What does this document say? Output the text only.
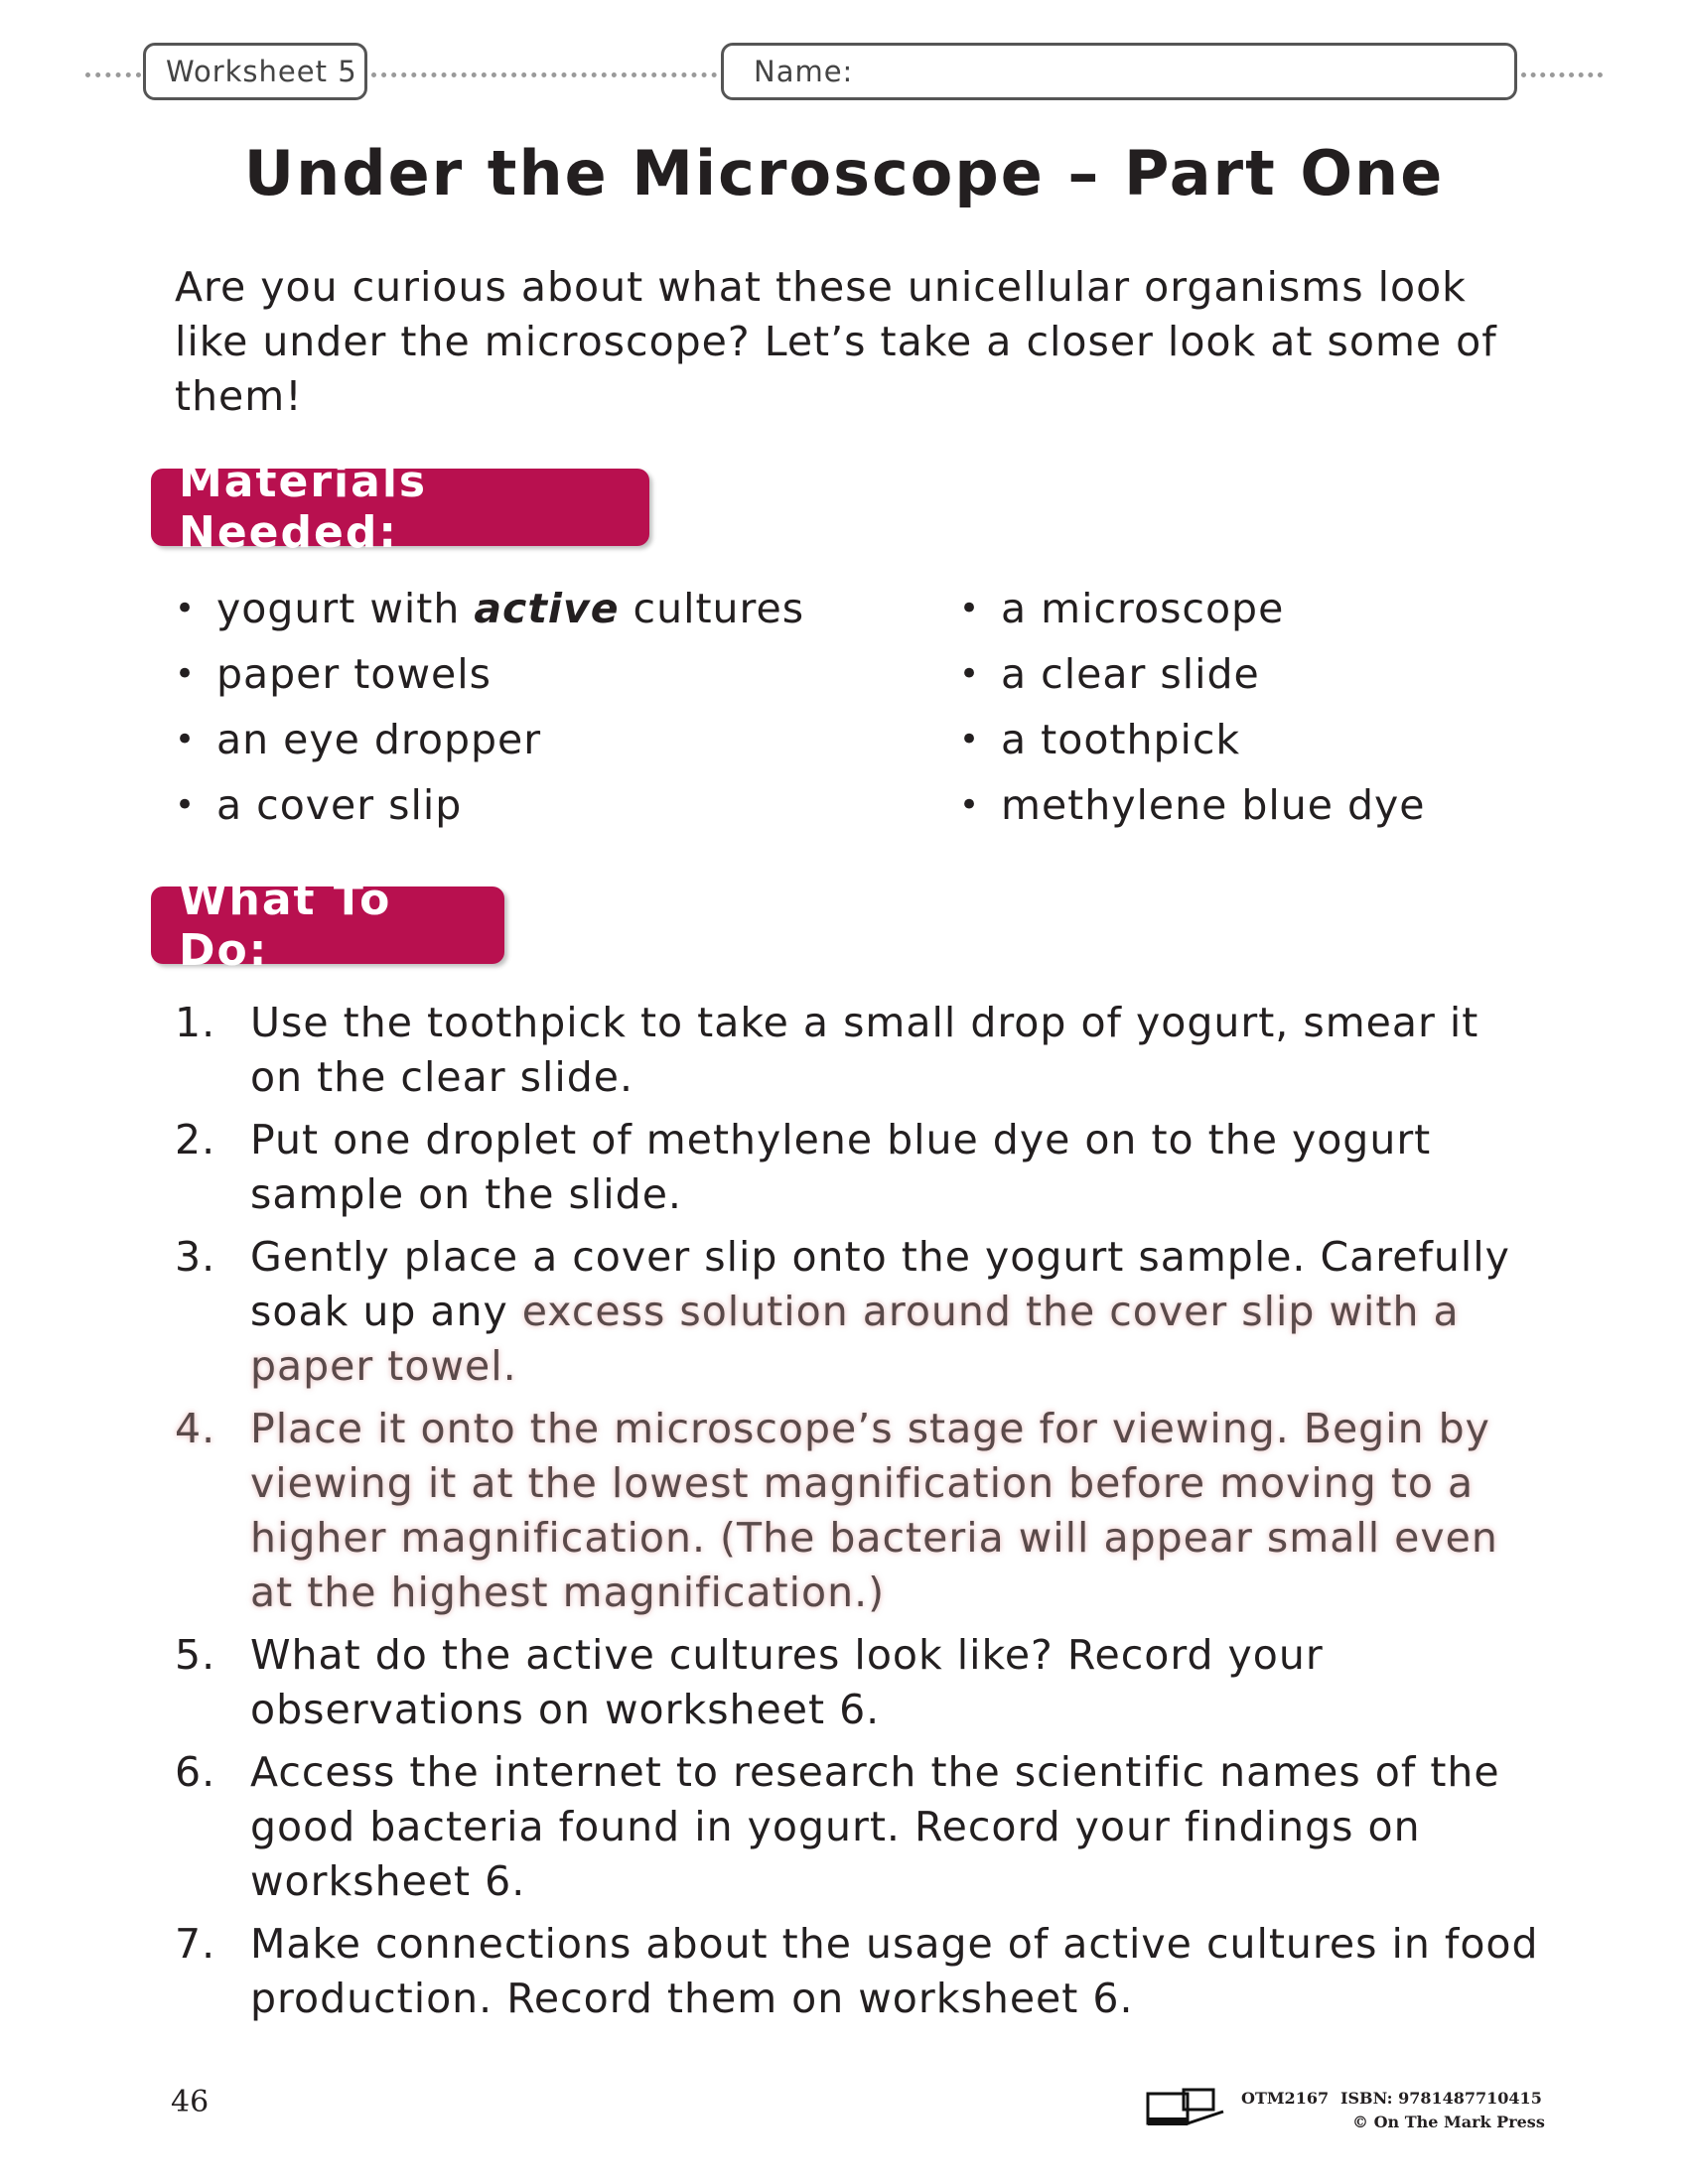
Worksheet 5	Name:
Under the Microscope – Part One

Are you curious about what these unicellular organisms look like under the microscope? Let’s take a closer look at some of them!

Materials Needed:
• yogurt with active cultures
• paper towels
• an eye dropper
• a cover slip
• a microscope
• a clear slide
• a toothpick
• methylene blue dye
What To Do:
1. Use the toothpick to take a small drop of yogurt, smear it on the clear slide.
2. Put one droplet of methylene blue dye on to the yogurt sample on the slide.
3. Gently place a cover slip onto the yogurt sample. Carefully soak up any excess solution around the cover slip with a paper towel.
4. Place it onto the microscope’s stage for viewing. Begin by viewing it at the lowest magnification before moving to a higher magnification. (The bacteria will appear small even at the highest magnification.)
5. What do the active cultures look like? Record your observations on worksheet 6.
6. Access the internet to research the scientific names of the good bacteria found in yogurt. Record your findings on worksheet 6.
7. Make connections about the usage of active cultures in food production. Record them on worksheet 6.
46	OTM2167 ISBN: 9781487710415
© On The Mark Press
